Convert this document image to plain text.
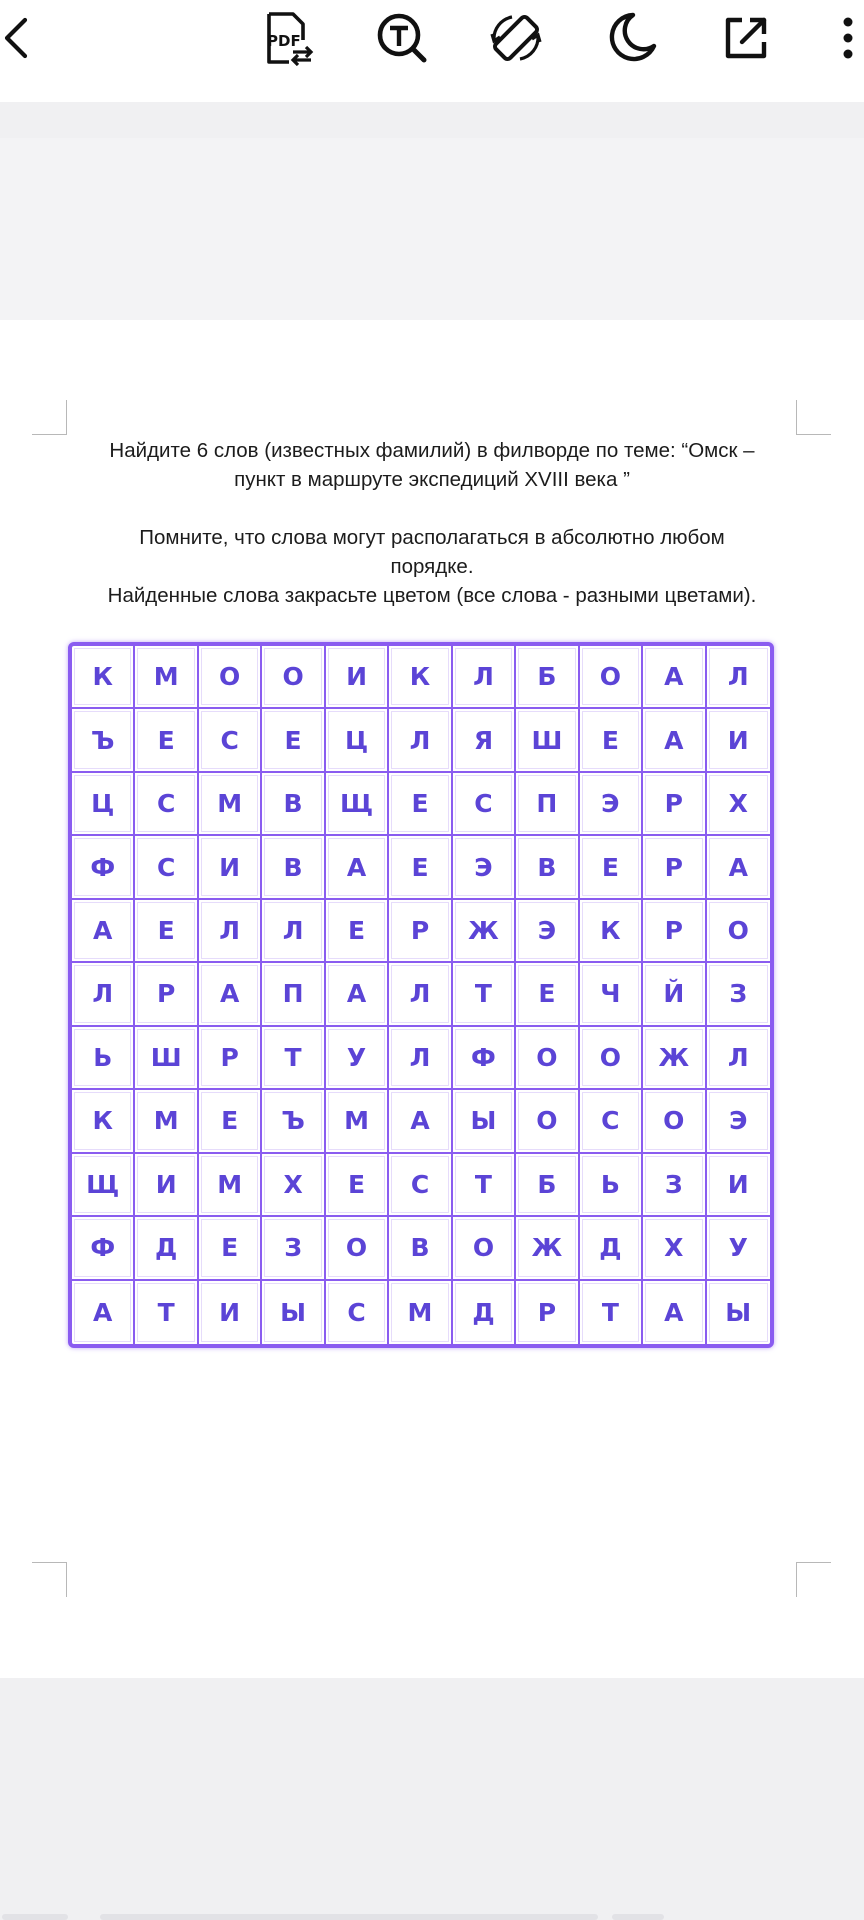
PDF
Найдите 6 слов (известных фамилий) в филворде по теме: “Омск –
пункт в маршруте экспедиций XVIII века ”
Помните, что слова могут располагаться в абсолютно любом
порядке.
Найденные слова закрасьте цветом (все слова - разными цветами).
К	М	О	О	И	К	Л	Б	О	А	Л
Ъ	Е	С	Е	Ц	Л	Я	Ш	Е	А	И
Ц	С	М	В	Щ	Е	С	П	Э	Р	Х
Ф	С	И	В	А	Е	Э	В	Е	Р	А
А	Е	Л	Л	Е	Р	Ж	Э	К	Р	О
Л	Р	А	П	А	Л	Т	Е	Ч	Й	З
Ь	Ш	Р	Т	У	Л	Ф	О	О	Ж	Л
К	М	Е	Ъ	М	А	Ы	О	С	О	Э
Щ	И	М	Х	Е	С	Т	Б	Ь	З	И
Ф	Д	Е	З	О	В	О	Ж	Д	Х	У
А	Т	И	Ы	С	М	Д	Р	Т	А	Ы
